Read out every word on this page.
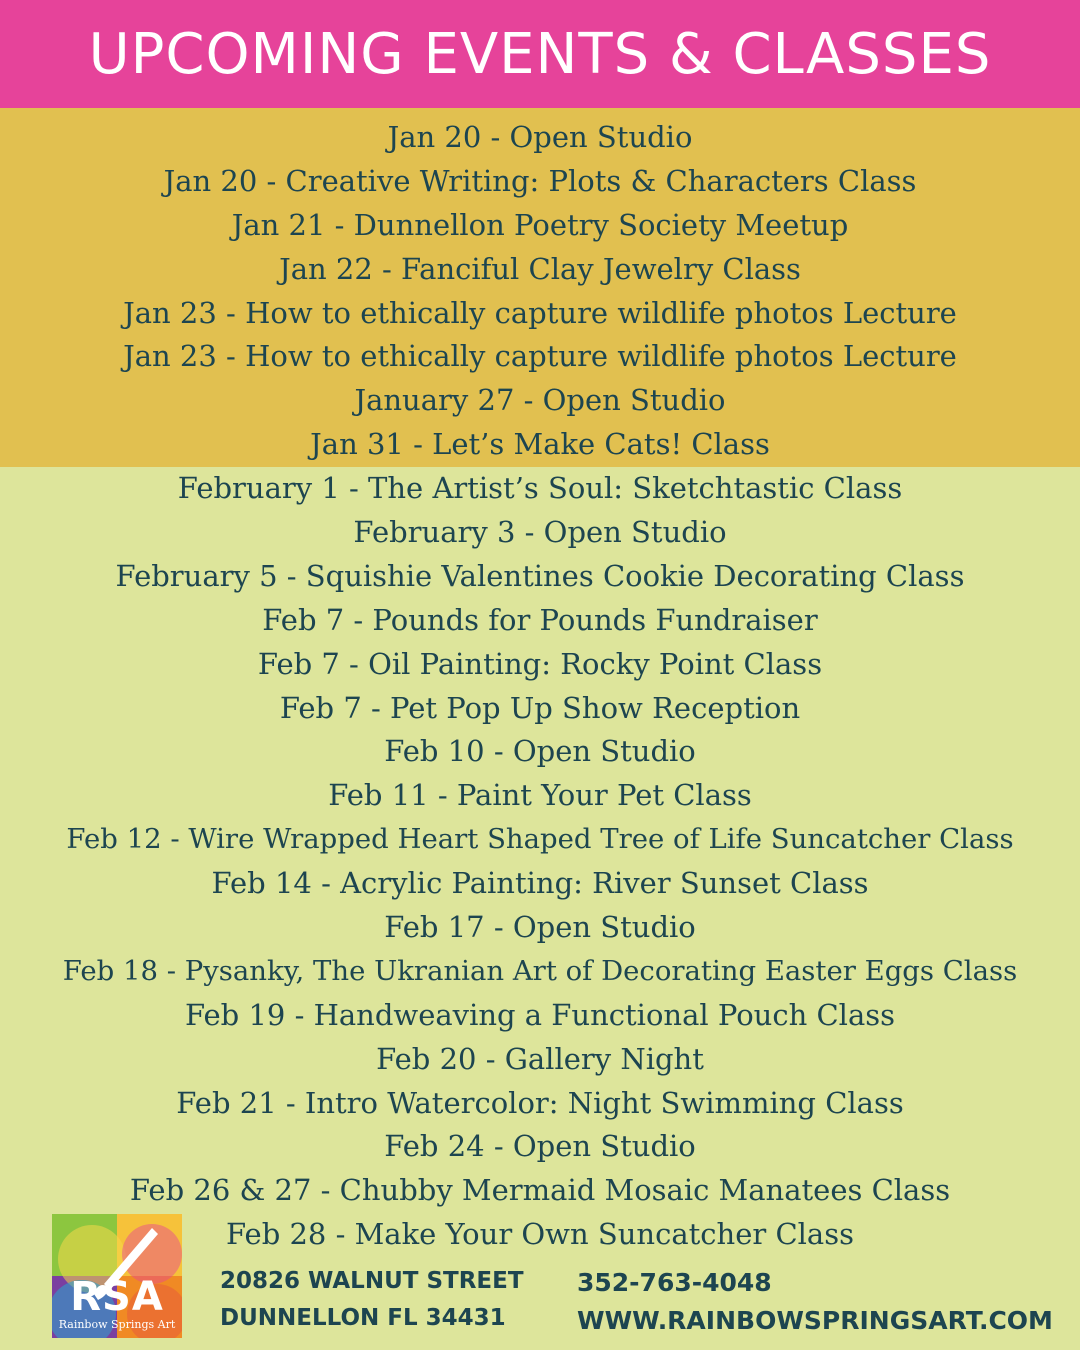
UPCOMING EVENTS & CLASSES
Jan 20 - Open Studio
Jan 20 - Creative Writing: Plots & Characters Class
Jan 21 - Dunnellon Poetry Society Meetup
Jan 22 - Fanciful Clay Jewelry Class
Jan 23 - How to ethically capture wildlife photos Lecture
Jan 23 - How to ethically capture wildlife photos Lecture
January 27 - Open Studio
Jan 31 - Let’s Make Cats! Class
February 1 - The Artist’s Soul: Sketchtastic Class
February 3 - Open Studio
February 5 - Squishie Valentines Cookie Decorating Class
Feb 7 - Pounds for Pounds Fundraiser
Feb 7 - Oil Painting: Rocky Point Class
Feb 7 - Pet Pop Up Show Reception
Feb 10 - Open Studio
Feb 11 - Paint Your Pet Class
Feb 12 - Wire Wrapped Heart Shaped Tree of Life Suncatcher Class
Feb 14 - Acrylic Painting: River Sunset Class
Feb 17 - Open Studio
Feb 18 - Pysanky, The Ukranian Art of Decorating Easter Eggs Class
Feb 19 - Handweaving a Functional Pouch Class
Feb 20 - Gallery Night
Feb 21 - Intro Watercolor: Night Swimming Class
Feb 24 - Open Studio
Feb 26 & 27 - Chubby Mermaid Mosaic Manatees Class
Feb 28 - Make Your Own Suncatcher Class
RSA
Rainbow Springs Art
20826 WALNUT STREET
DUNNELLON FL 34431
352-763-4048
WWW.RAINBOWSPRINGSART.COM
